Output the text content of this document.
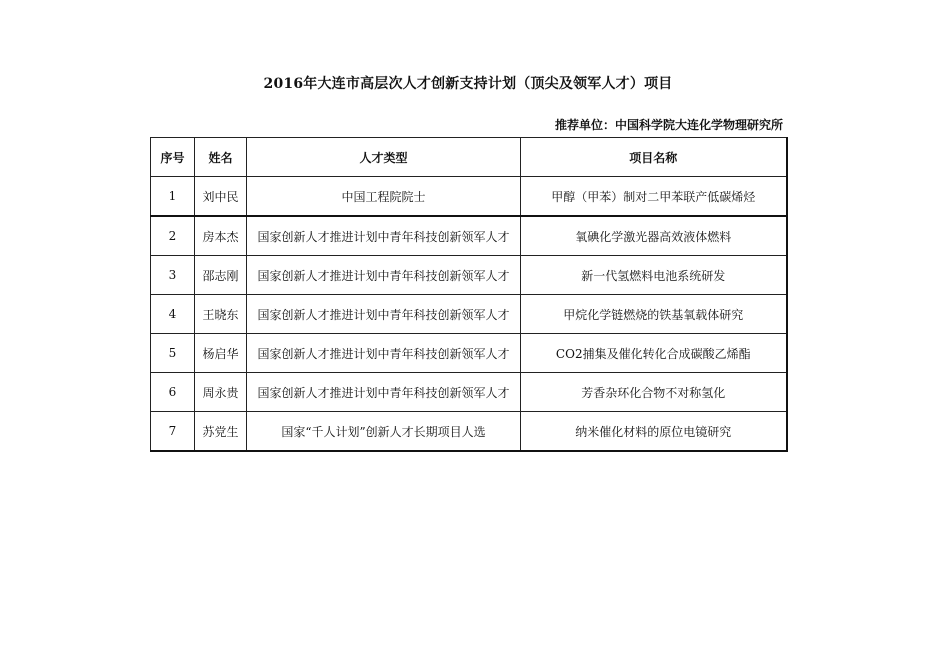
2016年大连市高层次人才创新支持计划（顶尖及领军人才）项目
推荐单位：中国科学院大连化学物理研究所
序号	姓名	人才类型	项目名称
1	刘中民	中国工程院院士	甲醇（甲苯）制对二甲苯联产低碳烯烃
2	房本杰	国家创新人才推进计划中青年科技创新领军人才	氧碘化学激光器高效液体燃料
3	邵志刚	国家创新人才推进计划中青年科技创新领军人才	新一代氢燃料电池系统研发
4	王晓东	国家创新人才推进计划中青年科技创新领军人才	甲烷化学链燃烧的铁基氧载体研究
5	杨启华	国家创新人才推进计划中青年科技创新领军人才	CO2捕集及催化转化合成碳酸乙烯酯
6	周永贵	国家创新人才推进计划中青年科技创新领军人才	芳香杂环化合物不对称氢化
7	苏党生	国家“千人计划”创新人才长期项目人选	纳米催化材料的原位电镜研究
